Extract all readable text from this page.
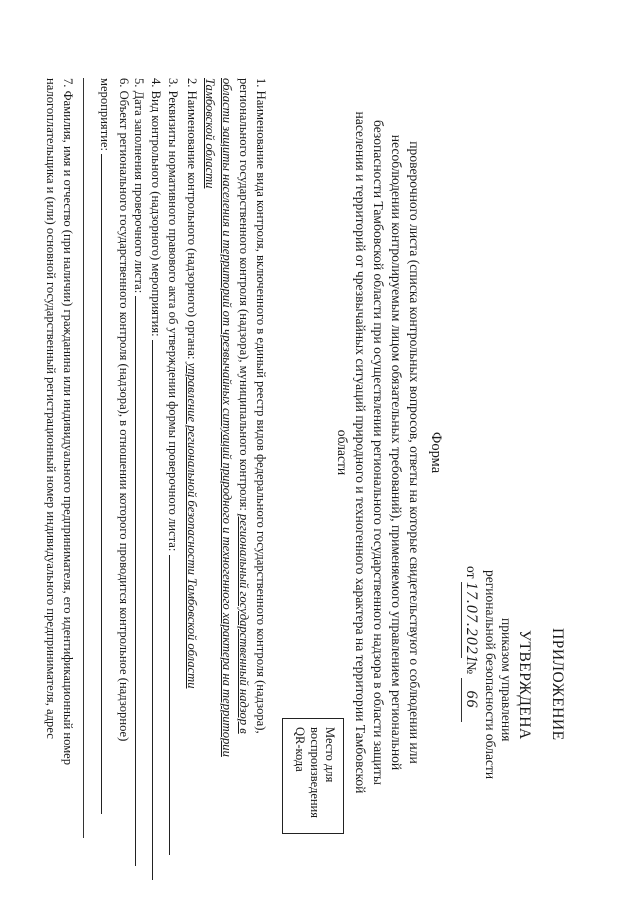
ПРИЛОЖЕНИЕ
УТВЕРЖДЕНА
приказом управления
региональной безопасности области
от 17.07.2021 № 66
Место для
воспроизведения
QR-кода
Форма
проверочного листа (списка контрольных вопросов, ответы на которые свидетельствуют о соблюдении или
несоблюдении контролируемым лицом обязательных требований), применяемого управлением региональной
безопасности Тамбовской области при осуществлении регионального государственного надзора в области защиты
населения и территорий от чрезвычайных ситуаций природного и техногенного характера на территории Тамбовской
области
1. Наименование вида контроля, включенного в единый реестр видов федерального государственного контроля (надзора),
регионального государственного контроля (надзора), муниципального контроля: региональный государственный надзор в
области защиты населения и территорий от чрезвычайных ситуаций природного и техногенного характера на территории
Тамбовской области
2. Наименование контрольного (надзорного) органа: управление региональной безопасности Тамбовской области
3. Реквизиты нормативного правового акта об утверждении формы проверочного листа:
4. Вид контрольного (надзорного) мероприятия:
5. Дата заполнения проверочного листа:
6. Объект регионального государственного контроля (надзора), в отношении которого проводится контрольное (надзорное)
мероприятие:
7. Фамилия, имя и отчество (при наличии) гражданина или индивидуального предпринимателя, его идентификационный номер
налогоплательщика и (или) основной государственный регистрационный номер индивидуального предпринимателя, адрес
